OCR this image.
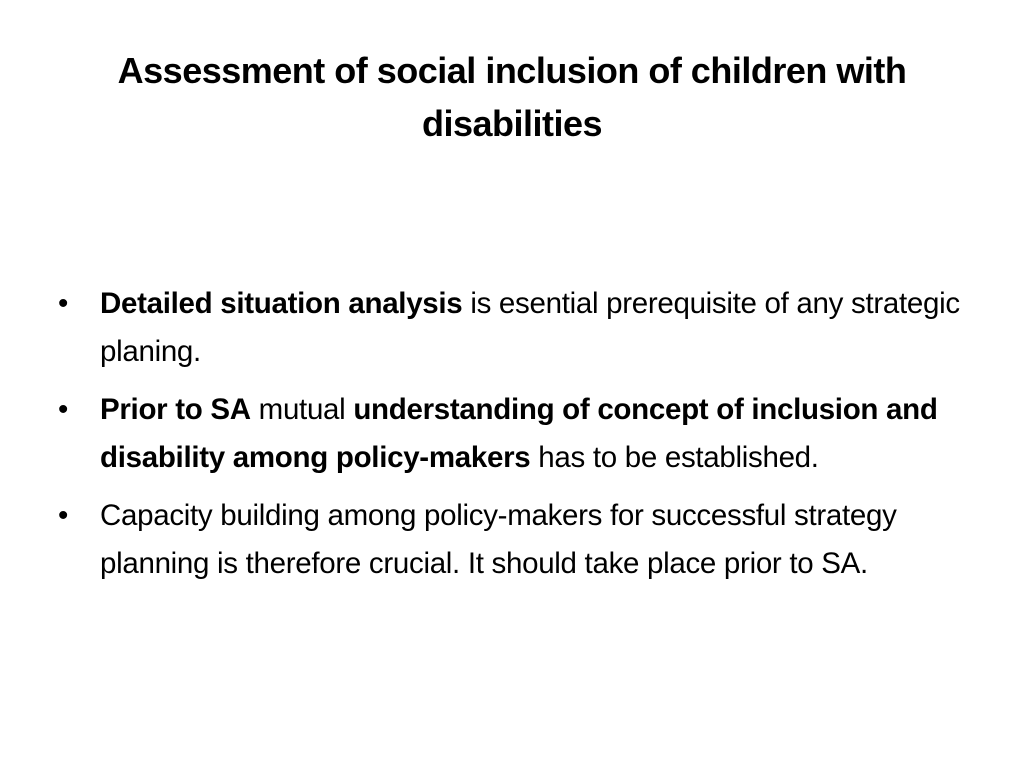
Assessment of social inclusion of children with disabilities
•	Detailed situation analysis is esential prerequisite of any strategic planing.
•	Prior to SA mutual understanding of concept of inclusion and disability among policy-makers has to be established.
•	Capacity building among policy-makers for successful strategy planning is therefore crucial. It should take place prior to SA.
